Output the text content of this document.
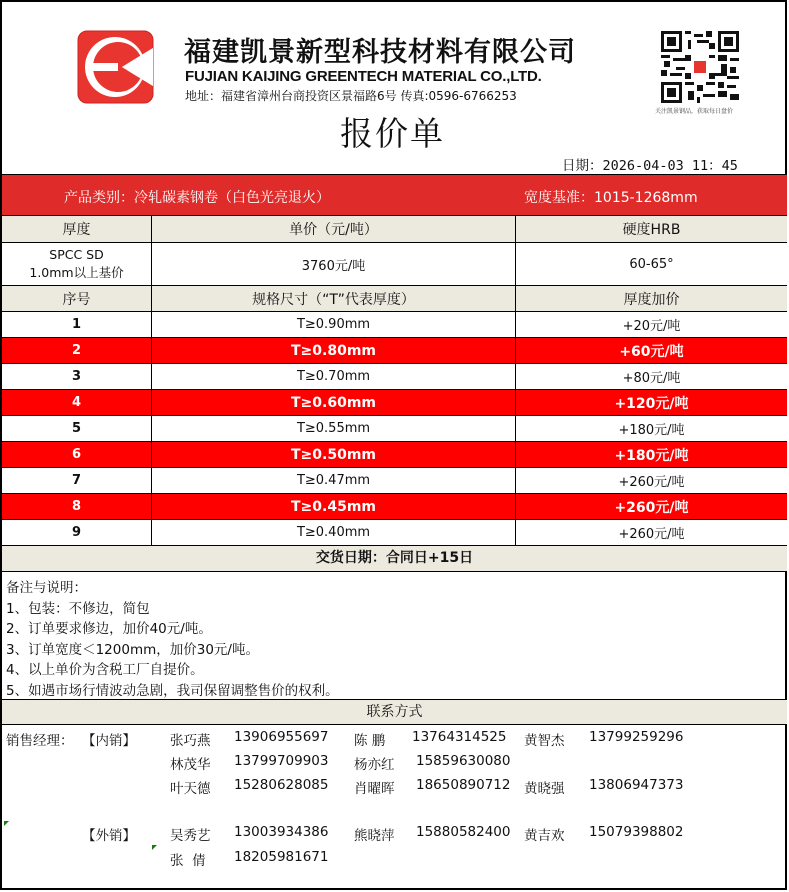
福建凯景新型科技材料有限公司
FUJIAN KAIJING GREENTECH MATERIAL CO.,LTD.
地址：福建省漳州台商投资区景福路6号 传真:0596-6766253
报价单
日期：2026-04-03 11：45
关注凯景钢品，获取每日盘价
产品类别：冷轧碳素钢卷（白色光亮退火）	宽度基准：1015-1268mm
厚度	单价（元/吨）	硬度HRB
SPCC SD
1.0mm以上基价	3760元/吨	60-65°
序号	规格尺寸（“T”代表厚度）	厚度加价
1	T≥0.90mm	+20元/吨
2	T≥0.80mm	+60元/吨
3	T≥0.70mm	+80元/吨
4	T≥0.60mm	+120元/吨
5	T≥0.55mm	+180元/吨
6	T≥0.50mm	+180元/吨
7	T≥0.47mm	+260元/吨
8	T≥0.45mm	+260元/吨
9	T≥0.40mm	+260元/吨
交货日期：合同日+15日
备注与说明：
1、包装：不修边，简包
2、订单要求修边，加价40元/吨。
3、订单宽度＜1200mm，加价30元/吨。
4、以上单价为含税工厂自提价。
5、如遇市场行情波动急剧，我司保留调整售价的权利。
联系方式
销售经理： 【内销】	张巧燕 13906955697 陈 鹏 13764314525 黄智杰 13799259296
林茂华 13799709903 杨亦红 15859630080
叶天德 15280628085 肖曜晖 18650890712 黄晓强 13806947373
【外销】	吴秀艺 13003934386 熊晓萍 15880582400 黄吉欢 15079398802
张  倩 18205981671
